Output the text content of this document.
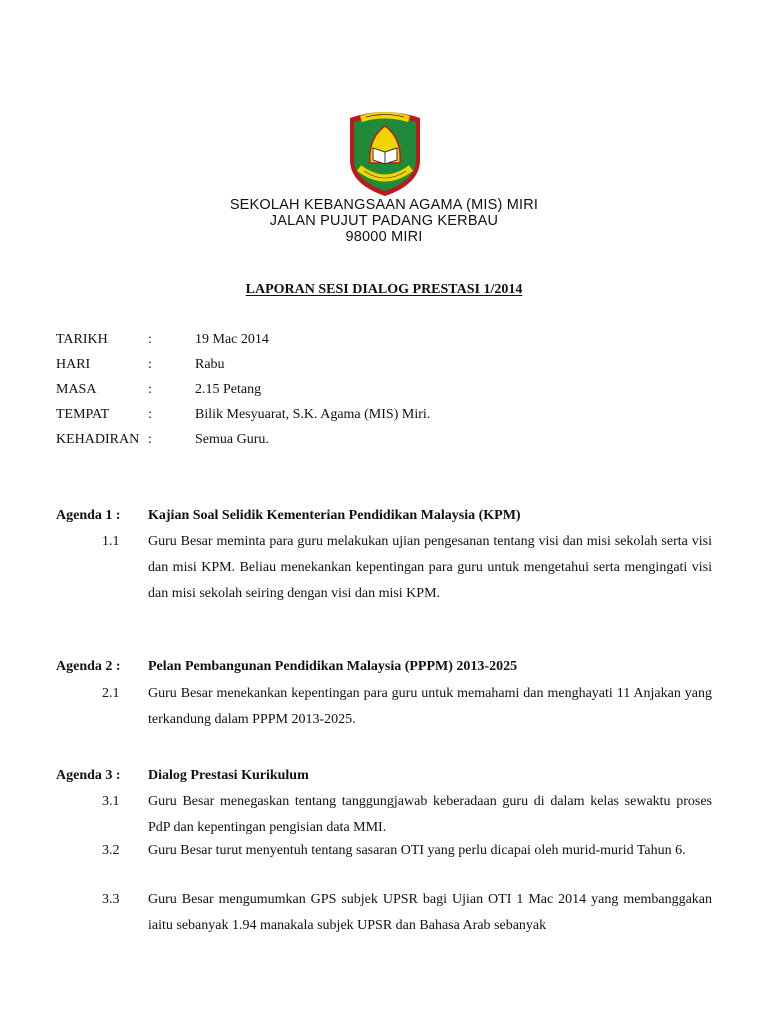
SEKOLAH KEBANGSAAN AGAMA (MIS) MIRI
JALAN PUJUT PADANG KERBAU
98000 MIRI
LAPORAN SESI DIALOG PRESTASI 1/2014
TARIKH	:	19 Mac 2014
HARI	:	Rabu
MASA	:	2.15 Petang
TEMPAT	:	Bilik Mesyuarat, S.K. Agama (MIS) Miri.
KEHADIRAN :	Semua Guru.
Agenda 1 : Kajian Soal Selidik Kementerian Pendidikan Malaysia (KPM)
1.1 Guru Besar meminta para guru melakukan ujian pengesanan tentang visi dan misi sekolah serta visi dan misi KPM. Beliau menekankan kepentingan para guru untuk mengetahui serta mengingati visi dan misi sekolah seiring dengan visi dan misi KPM.
Agenda 2 : Pelan Pembangunan Pendidikan Malaysia (PPPM) 2013-2025
2.1 Guru Besar menekankan kepentingan para guru untuk memahami dan menghayati 11 Anjakan yang terkandung dalam PPPM 2013-2025.
Agenda 3 : Dialog Prestasi Kurikulum
3.1 Guru Besar menegaskan tentang tanggungjawab keberadaan guru di dalam kelas sewaktu proses PdP dan kepentingan pengisian data MMI.
3.2 Guru Besar turut menyentuh tentang sasaran OTI yang perlu dicapai oleh murid-murid Tahun 6.
3.3 Guru Besar mengumumkan GPS subjek UPSR bagi Ujian OTI 1 Mac 2014 yang membanggakan iaitu sebanyak 1.94 manakala subjek UPSR dan Bahasa Arab sebanyak
